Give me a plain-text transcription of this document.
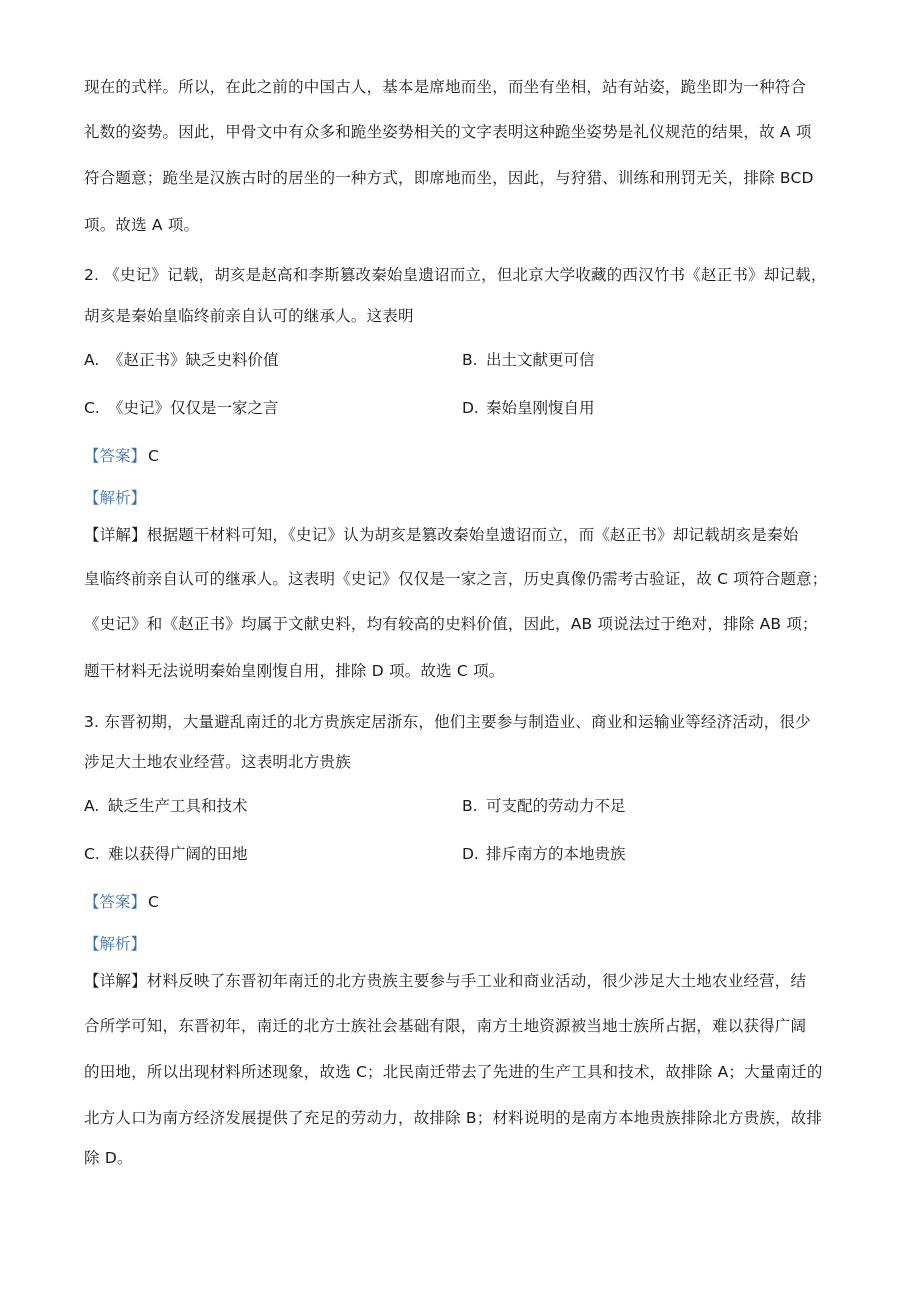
现在的式样。所以，在此之前的中国古人，基本是席地而坐，而坐有坐相，站有站姿，跪坐即为一种符合
礼数的姿势。因此，甲骨文中有众多和跪坐姿势相关的文字表明这种跪坐姿势是礼仪规范的结果，故 A 项
符合题意；跪坐是汉族古时的居坐的一种方式，即席地而坐，因此，与狩猎、训练和刑罚无关，排除 BCD
项。故选 A 项。
2. 《史记》记载，胡亥是赵高和李斯篡改秦始皇遗诏而立，但北京大学收藏的西汉竹书《赵正书》却记载，
胡亥是秦始皇临终前亲自认可的继承人。这表明
A. 《赵正书》缺乏史料价值	B. 出土文献更可信
C. 《史记》仅仅是一家之言	D. 秦始皇刚愎自用
【答案】 C
【解析】
【详解】根据题干材料可知，《史记》认为胡亥是篡改秦始皇遗诏而立，而《赵正书》却记载胡亥是秦始
皇临终前亲自认可的继承人。这表明《史记》仅仅是一家之言，历史真像仍需考古验证，故 C 项符合题意；
《史记》和《赵正书》均属于文献史料，均有较高的史料价值，因此，AB 项说法过于绝对，排除 AB 项；
题干材料无法说明秦始皇刚愎自用，排除 D 项。故选 C 项。
3. 东晋初期，大量避乱南迁的北方贵族定居浙东，他们主要参与制造业、商业和运输业等经济活动，很少
涉足大土地农业经营。这表明北方贵族
A. 缺乏生产工具和技术	B. 可支配的劳动力不足
C. 难以获得广阔的田地	D. 排斥南方的本地贵族
【答案】 C
【解析】
【详解】材料反映了东晋初年南迁的北方贵族主要参与手工业和商业活动，很少涉足大土地农业经营，结
合所学可知，东晋初年，南迁的北方士族社会基础有限，南方土地资源被当地士族所占据，难以获得广阔
的田地，所以出现材料所述现象，故选 C；北民南迁带去了先进的生产工具和技术，故排除 A；大量南迁的
北方人口为南方经济发展提供了充足的劳动力，故排除 B；材料说明的是南方本地贵族排除北方贵族，故排
除 D。
